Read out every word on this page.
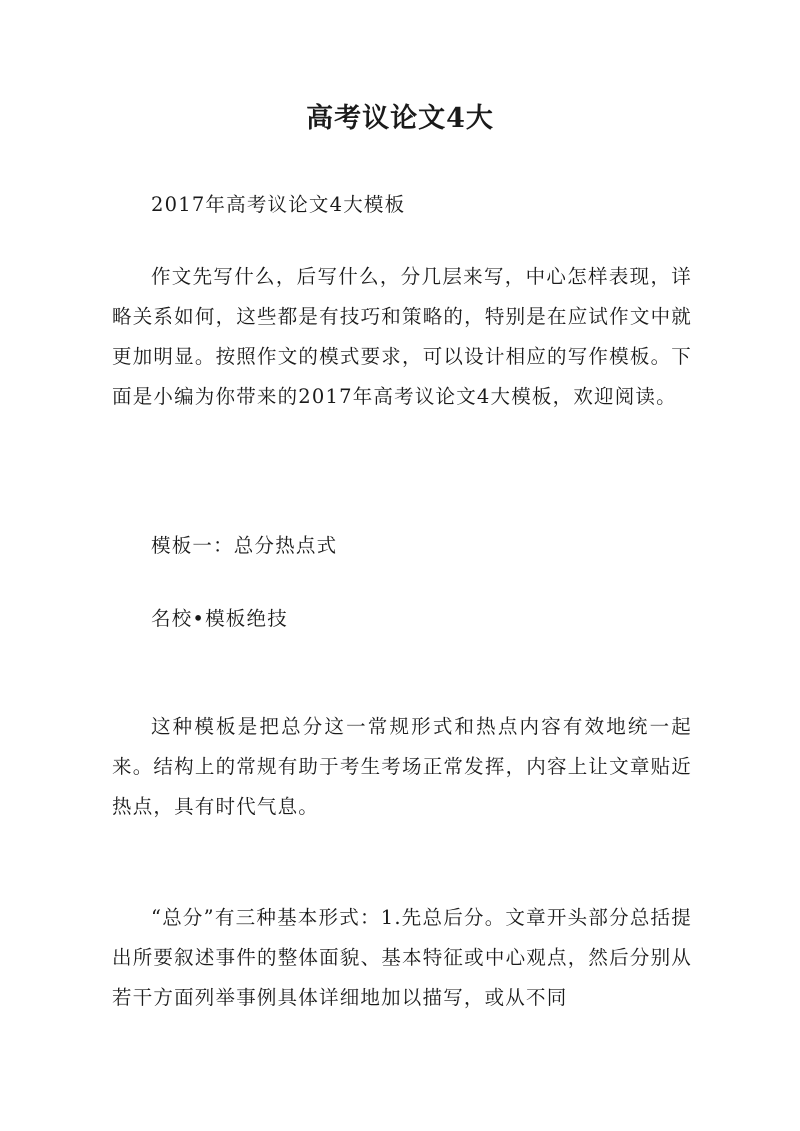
高考议论文4大

2017年高考议论文4大模板

作文先写什么，后写什么，分几层来写，中心怎样表现，详略关系如何，这些都是有技巧和策略的，特别是在应试作文中就更加明显。按照作文的模式要求，可以设计相应的写作模板。下面是小编为你带来的2017年高考议论文4大模板，欢迎阅读。

模板一：总分热点式

名校•模板绝技

这种模板是把总分这一常规形式和热点内容有效地统一起来。结构上的常规有助于考生考场正常发挥，内容上让文章贴近热点，具有时代气息。

“总分”有三种基本形式：1.先总后分。文章开头部分总括提出所要叙述事件的整体面貌、基本特征或中心观点，然后分别从若干方面列举事例具体详细地加以描写，或从不同
